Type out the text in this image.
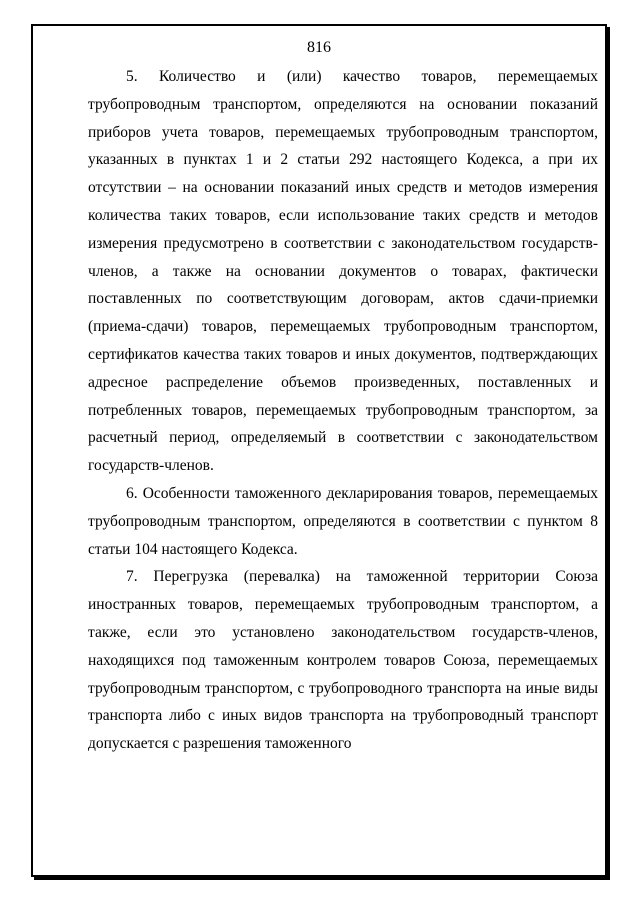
816

5. Количество и (или) качество товаров, перемещаемых трубопроводным транспортом, определяются на основании показаний приборов учета товаров, перемещаемых трубопроводным транспортом, указанных в пунктах 1 и 2 статьи 292 настоящего Кодекса, а при их отсутствии – на основании показаний иных средств и методов измерения количества таких товаров, если использование таких средств и методов измерения предусмотрено в соответствии с законодательством государств-членов, а также на основании документов о товарах, фактически поставленных по соответствующим договорам, актов сдачи-приемки (приема-сдачи) товаров, перемещаемых трубопроводным транспортом, сертификатов качества таких товаров и иных документов, подтверждающих адресное распределение объемов произведенных, поставленных и потребленных товаров, перемещаемых трубопроводным транспортом, за расчетный период, определяемый в соответствии с законодательством государств-членов.

6. Особенности таможенного декларирования товаров, перемещаемых трубопроводным транспортом, определяются в соответствии с пунктом 8 статьи 104 настоящего Кодекса.

7. Перегрузка (перевалка) на таможенной территории Союза иностранных товаров, перемещаемых трубопроводным транспортом, а также, если это установлено законодательством государств-членов, находящихся под таможенным контролем товаров Союза, перемещаемых трубопроводным транспортом, с трубопроводного транспорта на иные виды транспорта либо с иных видов транспорта на трубопроводный транспорт допускается с разрешения таможенного
